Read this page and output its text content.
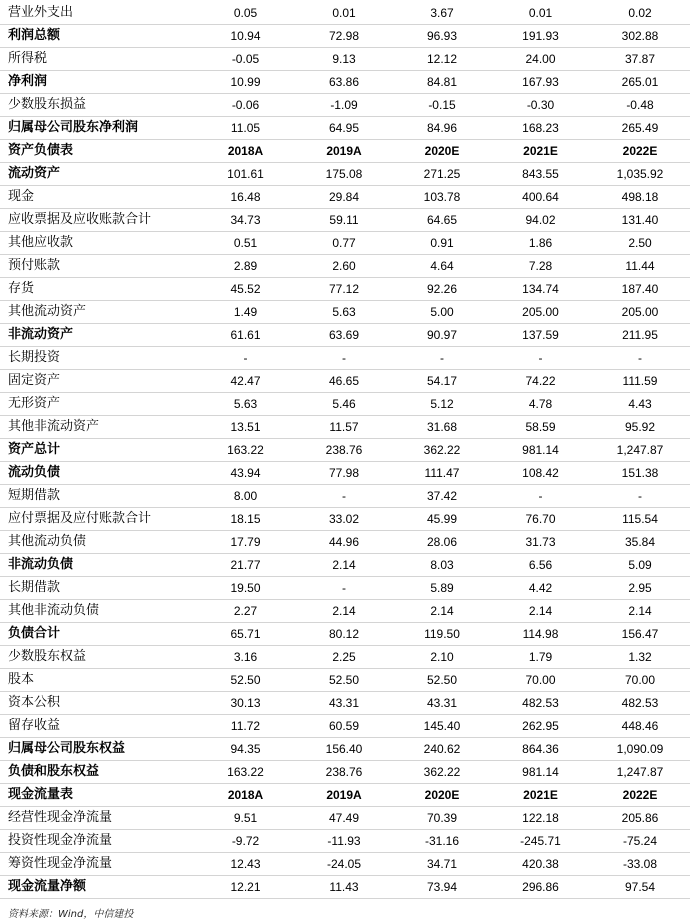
营业外支出	0.05	0.01	3.67	0.01	0.02
利润总额	10.94	72.98	96.93	191.93	302.88
所得税	-0.05	9.13	12.12	24.00	37.87
净利润	10.99	63.86	84.81	167.93	265.01
少数股东损益	-0.06	-1.09	-0.15	-0.30	-0.48
归属母公司股东净利润	11.05	64.95	84.96	168.23	265.49
资产负债表	2018A	2019A	2020E	2021E	2022E
流动资产	101.61	175.08	271.25	843.55	1,035.92
现金	16.48	29.84	103.78	400.64	498.18
应收票据及应收账款合计	34.73	59.11	64.65	94.02	131.40
其他应收款	0.51	0.77	0.91	1.86	2.50
预付账款	2.89	2.60	4.64	7.28	11.44
存货	45.52	77.12	92.26	134.74	187.40
其他流动资产	1.49	5.63	5.00	205.00	205.00
非流动资产	61.61	63.69	90.97	137.59	211.95
长期投资	-	-	-	-	-
固定资产	42.47	46.65	54.17	74.22	111.59
无形资产	5.63	5.46	5.12	4.78	4.43
其他非流动资产	13.51	11.57	31.68	58.59	95.92
资产总计	163.22	238.76	362.22	981.14	1,247.87
流动负债	43.94	77.98	111.47	108.42	151.38
短期借款	8.00	-	37.42	-	-
应付票据及应付账款合计	18.15	33.02	45.99	76.70	115.54
其他流动负债	17.79	44.96	28.06	31.73	35.84
非流动负债	21.77	2.14	8.03	6.56	5.09
长期借款	19.50	-	5.89	4.42	2.95
其他非流动负债	2.27	2.14	2.14	2.14	2.14
负债合计	65.71	80.12	119.50	114.98	156.47
少数股东权益	3.16	2.25	2.10	1.79	1.32
股本	52.50	52.50	52.50	70.00	70.00
资本公积	30.13	43.31	43.31	482.53	482.53
留存收益	11.72	60.59	145.40	262.95	448.46
归属母公司股东权益	94.35	156.40	240.62	864.36	1,090.09
负债和股东权益	163.22	238.76	362.22	981.14	1,247.87
现金流量表	2018A	2019A	2020E	2021E	2022E
经营性现金净流量	9.51	47.49	70.39	122.18	205.86
投资性现金净流量	-9.72	-11.93	-31.16	-245.71	-75.24
筹资性现金净流量	12.43	-24.05	34.71	420.38	-33.08
现金流量净额	12.21	11.43	73.94	296.86	97.54
资料来源：Wind，中信建投
